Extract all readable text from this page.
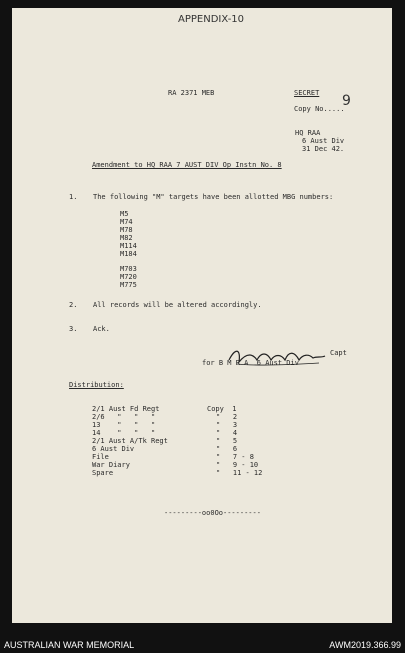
APPENDIX-10
RA 2371 MEB	SECRET
Copy No.....
9
HQ RAA
6 Aust Div
31 Dec 42.
Amendment to HQ RAA 7 AUST DIV Op Instn No. 8
1. The following "M" targets have been allotted MBG numbers:
M5
M74
M78
M82
M114
M184
M703
M720
M775
2. All records will be altered accordingly.
3. Ack.
Capt
for B M R A  6 Aust Div
Distribution:
2/1 Aust Fd Regt	Copy  1
2/6   "   "   "	"   2
13    "   "   "	"   3
14    "   "   "	"   4
2/1 Aust A/Tk Regt	"   5
6 Aust Div	"   6
File	"   7 - 8
War Diary	"   9 - 10
Spare	"   11 - 12
---------oo0Oo---------
AUSTRALIAN WAR MEMORIAL	AWM2019.366.99
